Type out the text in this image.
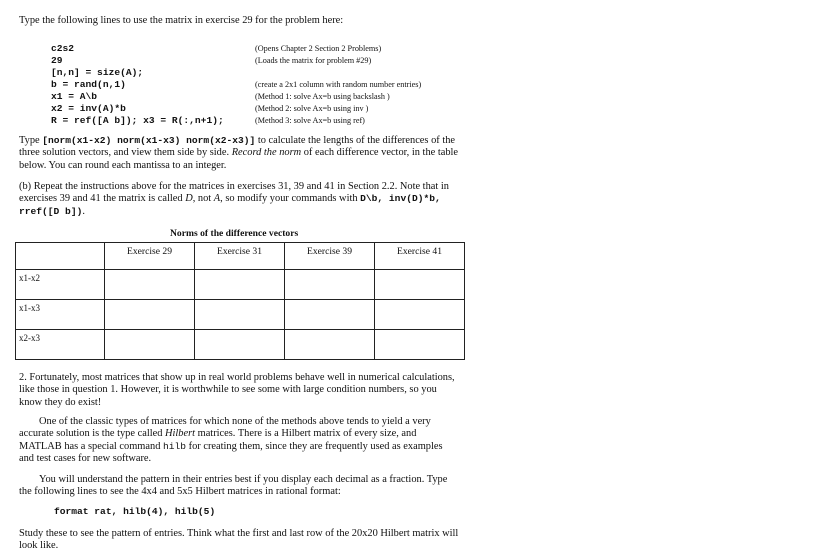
Type the following lines to use the matrix in exercise 29 for the problem here:
c2s2	(Opens Chapter 2 Section 2 Problems)
29	(Loads the matrix for problem #29)
[n,n] = size(A);
b = rand(n,1)	(create a 2x1 column with random number entries)
x1 = A\b	(Method 1: solve Ax=b using backslash )
x2 = inv(A)*b	(Method 2: solve Ax=b using inv )
R = ref([A b]); x3 = R(:,n+1);	(Method 3: solve Ax=b using ref)
Type [norm(x1-x2) norm(x1-x3) norm(x2-x3)] to calculate the lengths of the differences of the three solution vectors, and view them side by side. Record the norm of each difference vector, in the table below. You can round each mantissa to an integer.
(b) Repeat the instructions above for the matrices in exercises 31, 39 and 41 in Section 2.2. Note that in exercises 39 and 41 the matrix is called D, not A, so modify your commands with D\b, inv(D)*b, rref([D b]).
Norms of the difference vectors
	Exercise 29	Exercise 31	Exercise 39	Exercise 41
x1-x2				
x1-x3				
x2-x3				
2. Fortunately, most matrices that show up in real world problems behave well in numerical calculations, like those in question 1. However, it is worthwhile to see some with large condition numbers, so you know they do exist!
One of the classic types of matrices for which none of the methods above tends to yield a very accurate solution is the type called Hilbert matrices. There is a Hilbert matrix of every size, and MATLAB has a special command hilb for creating them, since they are frequently used as examples and test cases for new software.
You will understand the pattern in their entries best if you display each decimal as a fraction. Type the following lines to see the 4x4 and 5x5 Hilbert matrices in rational format:
format rat, hilb(4), hilb(5)
Study these to see the pattern of entries. Think what the first and last row of the 20x20 Hilbert matrix will look like.
